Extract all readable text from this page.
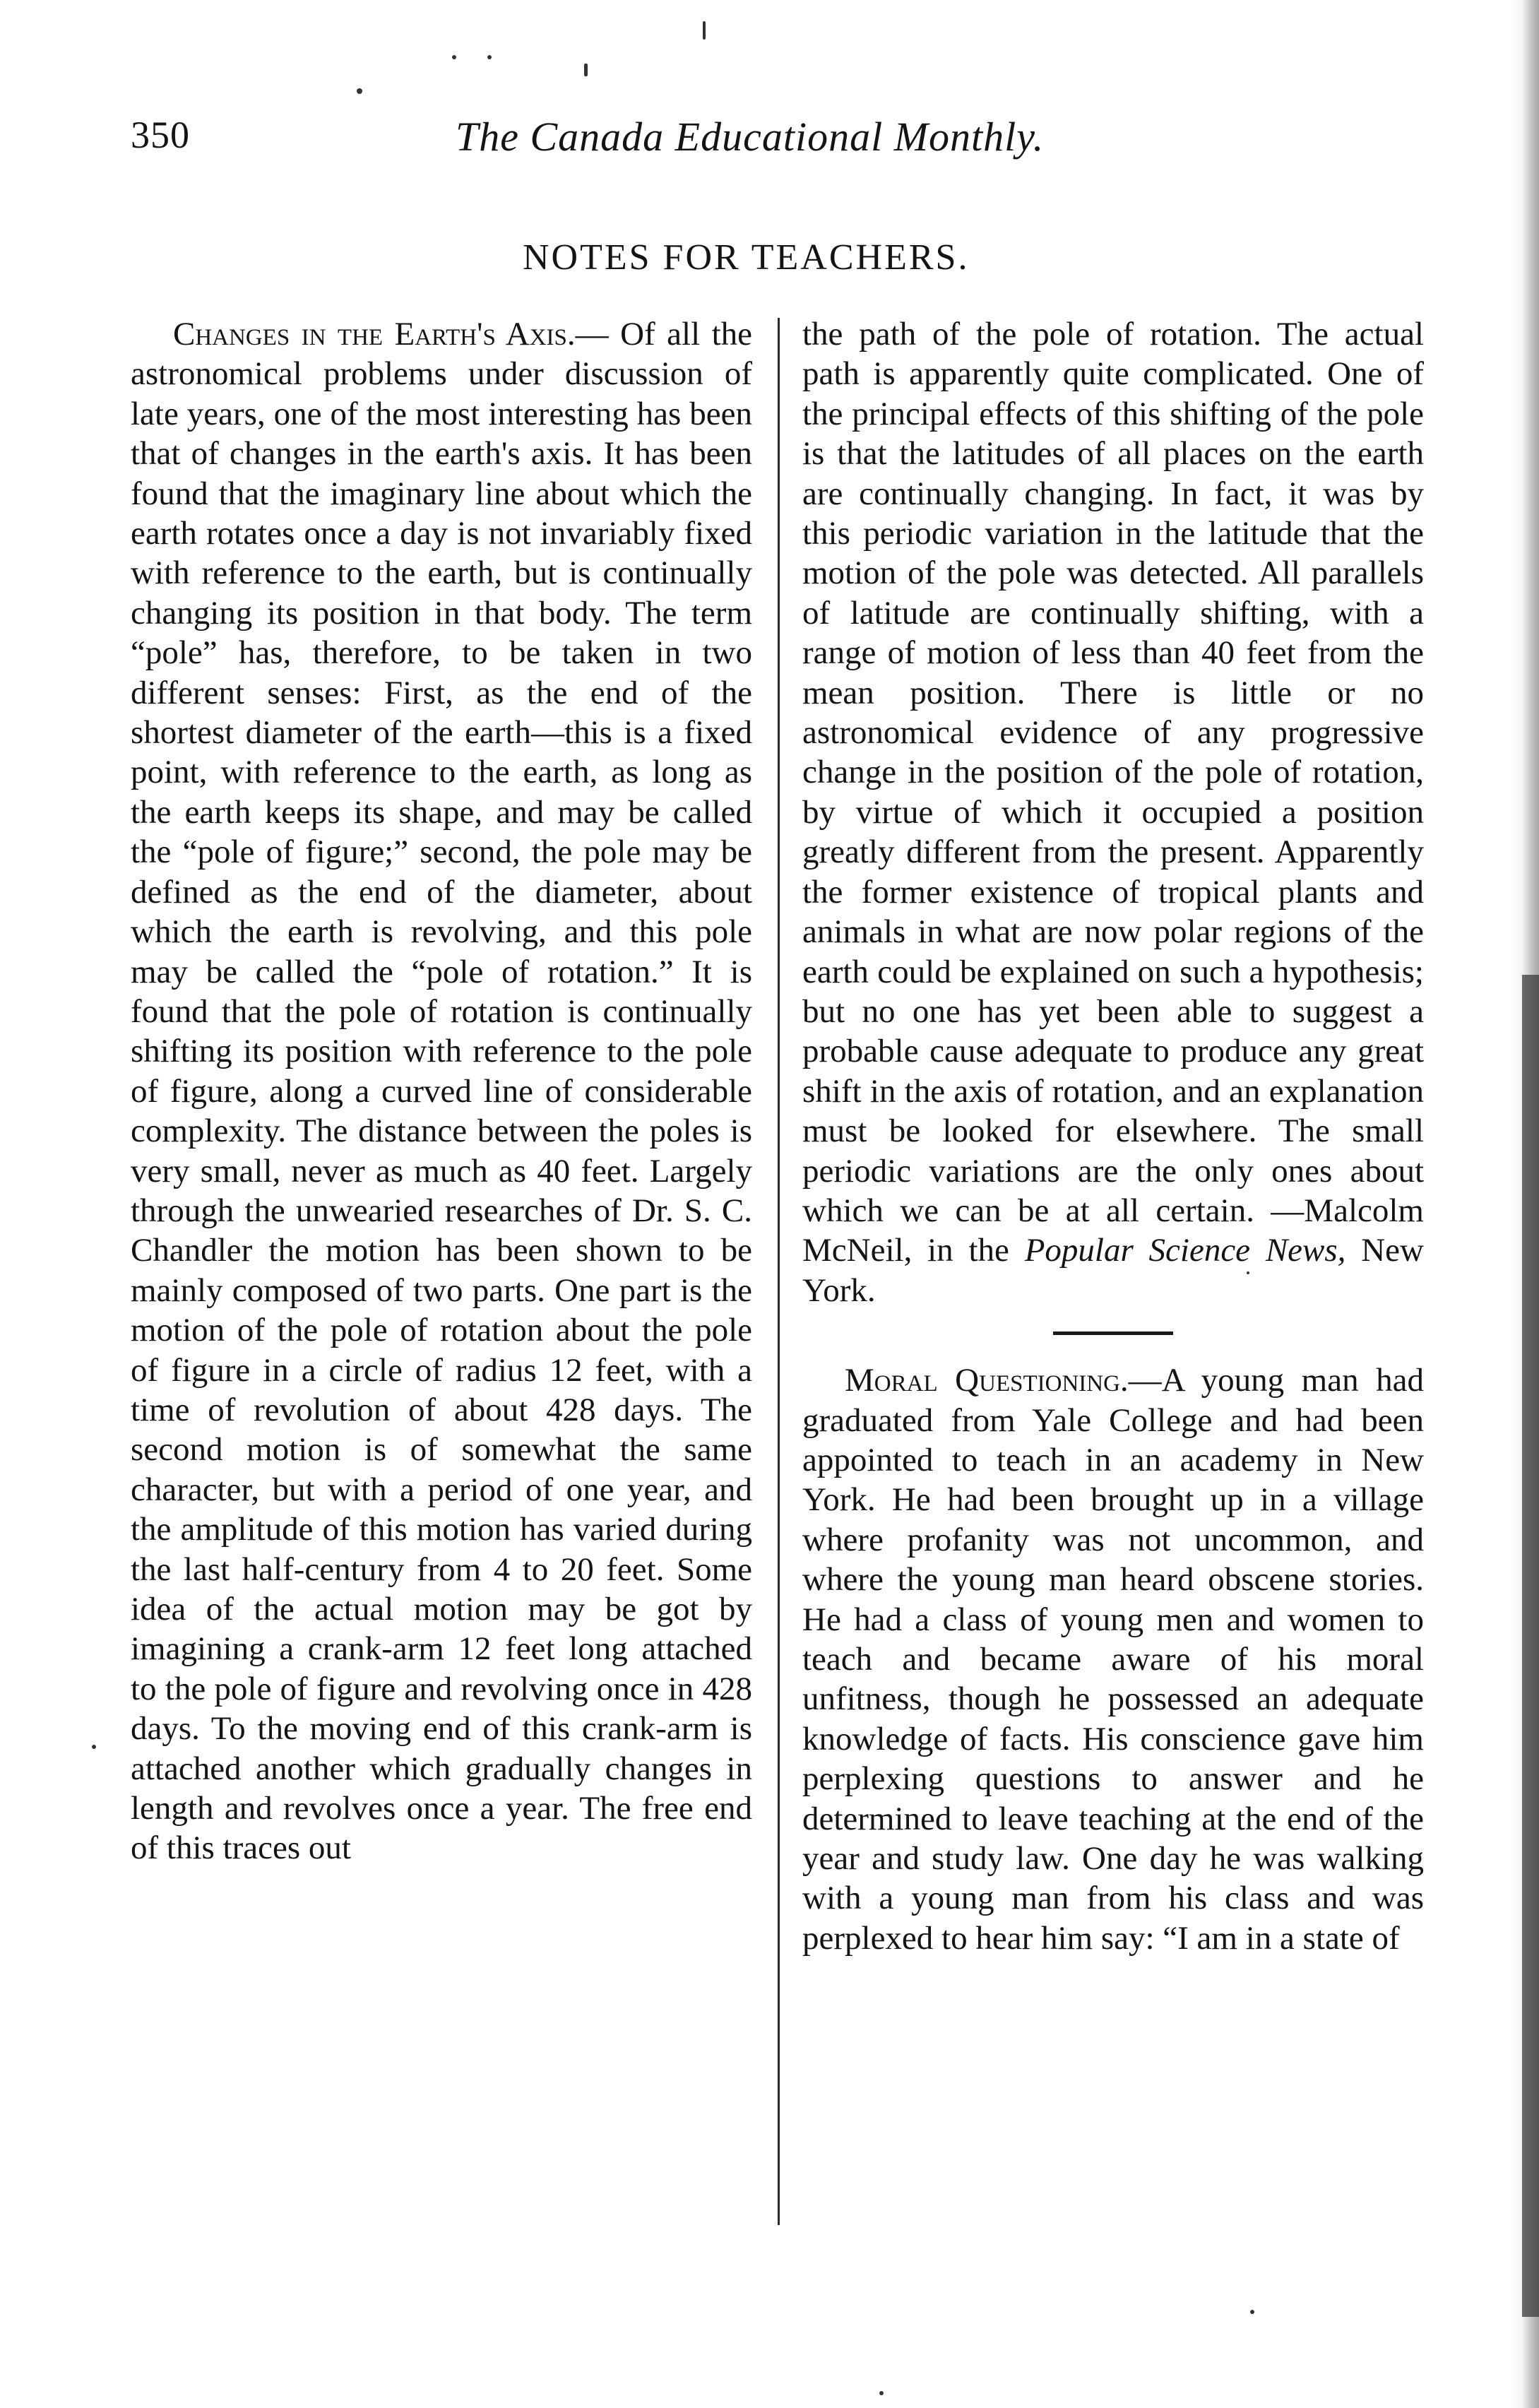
350	The Canada Educational Monthly.
NOTES FOR TEACHERS.

Changes in the Earth's Axis.— Of all the astronomical problems under discussion of late years, one of the most interesting has been that of changes in the earth's axis. It has been found that the imaginary line about which the earth rotates once a day is not invariably fixed with reference to the earth, but is continually changing its position in that body. The term “pole” has, therefore, to be taken in two different senses: First, as the end of the shortest diameter of the earth—this is a fixed point, with reference to the earth, as long as the earth keeps its shape, and may be called the “pole of figure;” second, the pole may be defined as the end of the diameter, about which the earth is revolving, and this pole may be called the “pole of rotation.” It is found that the pole of rotation is continually shifting its position with reference to the pole of figure, along a curved line of considerable complexity. The distance between the poles is very small, never as much as 40 feet. Largely through the unwearied researches of Dr. S. C. Chandler the motion has been shown to be mainly composed of two parts. One part is the motion of the pole of rotation about the pole of figure in a circle of radius 12 feet, with a time of revolution of about 428 days. The second motion is of somewhat the same character, but with a period of one year, and the amplitude of this motion has varied during the last half-century from 4 to 20 feet. Some idea of the actual motion may be got by imagining a crank-arm 12 feet long attached to the pole of figure and revolving once in 428 days. To the moving end of this crank-arm is attached another which gradually changes in length and revolves once a year. The free end of this traces out

the path of the pole of rotation. The actual path is apparently quite complicated. One of the principal effects of this shifting of the pole is that the latitudes of all places on the earth are continually changing. In fact, it was by this periodic variation in the latitude that the motion of the pole was detected. All parallels of latitude are continually shifting, with a range of motion of less than 40 feet from the mean position. There is little or no astronomical evidence of any progressive change in the position of the pole of rotation, by virtue of which it occupied a position greatly different from the present. Apparently the former existence of tropical plants and animals in what are now polar regions of the earth could be explained on such a hypothesis; but no one has yet been able to suggest a probable cause adequate to produce any great shift in the axis of rotation, and an explanation must be looked for elsewhere. The small periodic variations are the only ones about which we can be at all certain. —Malcolm McNeil, in the Popular Science News, New York.

Moral Questioning.—A young man had graduated from Yale College and had been appointed to teach in an academy in New York. He had been brought up in a village where profanity was not uncommon, and where the young man heard obscene stories. He had a class of young men and women to teach and became aware of his moral unfitness, though he possessed an adequate knowledge of facts. His conscience gave him perplexing questions to answer and he determined to leave teaching at the end of the year and study law. One day he was walking with a young man from his class and was perplexed to hear him say: “I am in a state of
